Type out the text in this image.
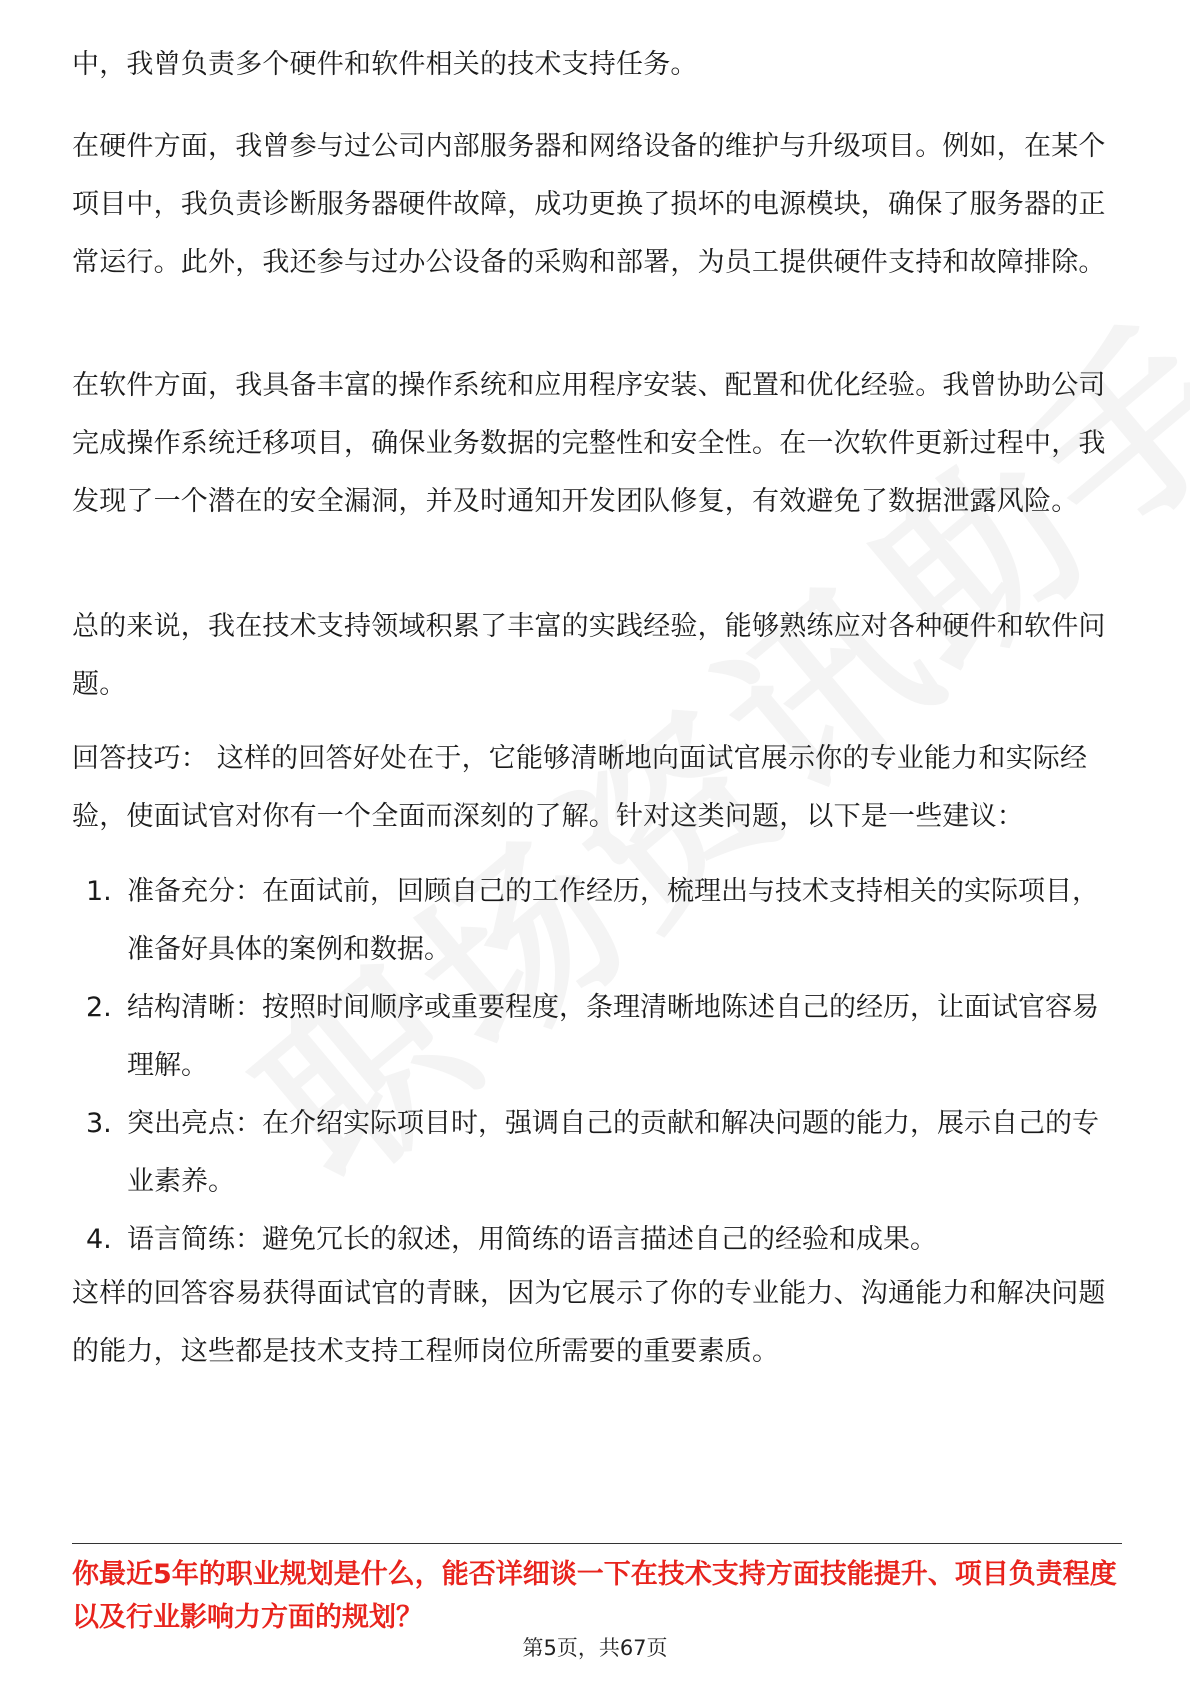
中，我曾负责多个硬件和软件相关的技术支持任务。

在硬件方面，我曾参与过公司内部服务器和网络设备的维护与升级项目。例如，在某个项目中，我负责诊断服务器硬件故障，成功更换了损坏的电源模块，确保了服务器的正常运行。此外，我还参与过办公设备的采购和部署，为员工提供硬件支持和故障排除。

在软件方面，我具备丰富的操作系统和应用程序安装、配置和优化经验。我曾协助公司完成操作系统迁移项目，确保业务数据的完整性和安全性。在一次软件更新过程中，我发现了一个潜在的安全漏洞，并及时通知开发团队修复，有效避免了数据泄露风险。

总的来说，我在技术支持领域积累了丰富的实践经验，能够熟练应对各种硬件和软件问题。

回答技巧： 这样的回答好处在于，它能够清晰地向面试官展示你的专业能力和实际经验，使面试官对你有一个全面而深刻的了解。针对这类问题，以下是一些建议：

1. 准备充分：在面试前，回顾自己的工作经历，梳理出与技术支持相关的实际项目，准备好具体的案例和数据。
2. 结构清晰：按照时间顺序或重要程度，条理清晰地陈述自己的经历，让面试官容易理解。
3. 突出亮点：在介绍实际项目时，强调自己的贡献和解决问题的能力，展示自己的专业素养。
4. 语言简练：避免冗长的叙述，用简练的语言描述自己的经验和成果。

这样的回答容易获得面试官的青睐，因为它展示了你的专业能力、沟通能力和解决问题的能力，这些都是技术支持工程师岗位所需要的重要素质。

你最近5年的职业规划是什么，能否详细谈一下在技术支持方面技能提升、项目负责程度以及行业影响力方面的规划？

第5页，共67页
